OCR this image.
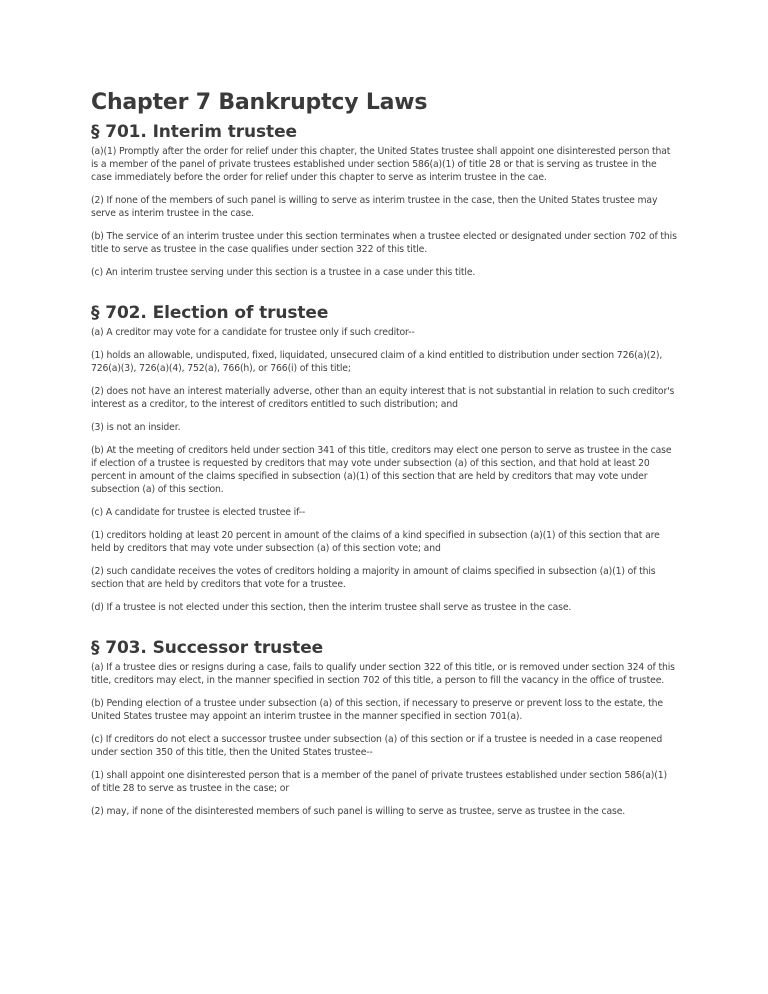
Chapter 7 Bankruptcy Laws
§ 701. Interim trustee

(a)(1) Promptly after the order for relief under this chapter, the United States trustee shall appoint one disinterested person that is a member of the panel of private trustees established under section 586(a)(1) of title 28 or that is serving as trustee in the case immediately before the order for relief under this chapter to serve as interim trustee in the cae.

(2) If none of the members of such panel is willing to serve as interim trustee in the case, then the United States trustee may serve as interim trustee in the case.

(b) The service of an interim trustee under this section terminates when a trustee elected or designated under section 702 of this title to serve as trustee in the case qualifies under section 322 of this title.

(c) An interim trustee serving under this section is a trustee in a case under this title.

§ 702. Election of trustee

(a) A creditor may vote for a candidate for trustee only if such creditor--

(1) holds an allowable, undisputed, fixed, liquidated, unsecured claim of a kind entitled to distribution under section 726(a)(2), 726(a)(3), 726(a)(4), 752(a), 766(h), or 766(i) of this title;

(2) does not have an interest materially adverse, other than an equity interest that is not substantial in relation to such creditor's interest as a creditor, to the interest of creditors entitled to such distribution; and

(3) is not an insider.

(b) At the meeting of creditors held under section 341 of this title, creditors may elect one person to serve as trustee in the case if election of a trustee is requested by creditors that may vote under subsection (a) of this section, and that hold at least 20 percent in amount of the claims specified in subsection (a)(1) of this section that are held by creditors that may vote under subsection (a) of this section.

(c) A candidate for trustee is elected trustee if--

(1) creditors holding at least 20 percent in amount of the claims of a kind specified in subsection (a)(1) of this section that are held by creditors that may vote under subsection (a) of this section vote; and

(2) such candidate receives the votes of creditors holding a majority in amount of claims specified in subsection (a)(1) of this section that are held by creditors that vote for a trustee.

(d) If a trustee is not elected under this section, then the interim trustee shall serve as trustee in the case.

§ 703. Successor trustee

(a) If a trustee dies or resigns during a case, fails to qualify under section 322 of this title, or is removed under section 324 of this title, creditors may elect, in the manner specified in section 702 of this title, a person to fill the vacancy in the office of trustee.

(b) Pending election of a trustee under subsection (a) of this section, if necessary to preserve or prevent loss to the estate, the United States trustee may appoint an interim trustee in the manner specified in section 701(a).

(c) If creditors do not elect a successor trustee under subsection (a) of this section or if a trustee is needed in a case reopened under section 350 of this title, then the United States trustee--

(1) shall appoint one disinterested person that is a member of the panel of private trustees established under section 586(a)(1) of title 28 to serve as trustee in the case; or

(2) may, if none of the disinterested members of such panel is willing to serve as trustee, serve as trustee in the case.
